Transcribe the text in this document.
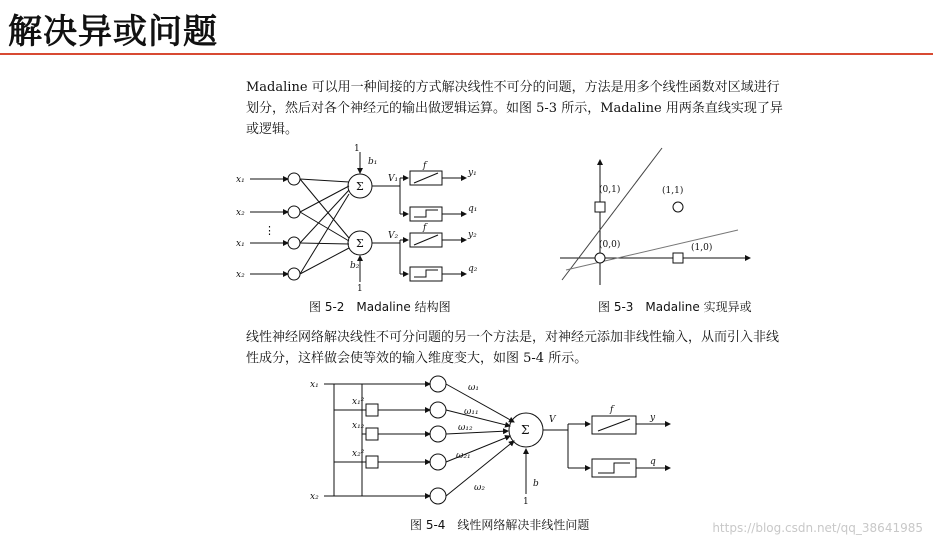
解决异或问题
Madaline 可以用一种间接的方式解决线性不可分的问题，方法是用多个线性函数对区域进行划分，然后对各个神经元的输出做逻辑运算。如图 5-3 所示，Madaline 用两条直线实现了异或逻辑。
x₁
x₂
x₁
x₂
⋮
Σ
Σ
b₁
1
b₂
1
V₁
V₂
f
f
y₁
q₁
y₂
q₂
图 5-2　Madaline 结构图
(0,1)	(1,1)
(0,0)	(1,0)
图 5-3　Madaline 实现异或
线性神经网络解决线性不可分问题的另一个方法是，对神经元添加非线性输入，从而引入非线性成分，这样做会使等效的输入维度变大，如图 5-4 所示。
x₁
x₁²
x₁₂
x₂²
x₂
ω₁
ω₁₁
ω₁₂
ω₂₁
ω₂
Σ
b
1
V
f
y
q
图 5-4　线性网络解决非线性问题	https://blog.csdn.net/qq_38641985
